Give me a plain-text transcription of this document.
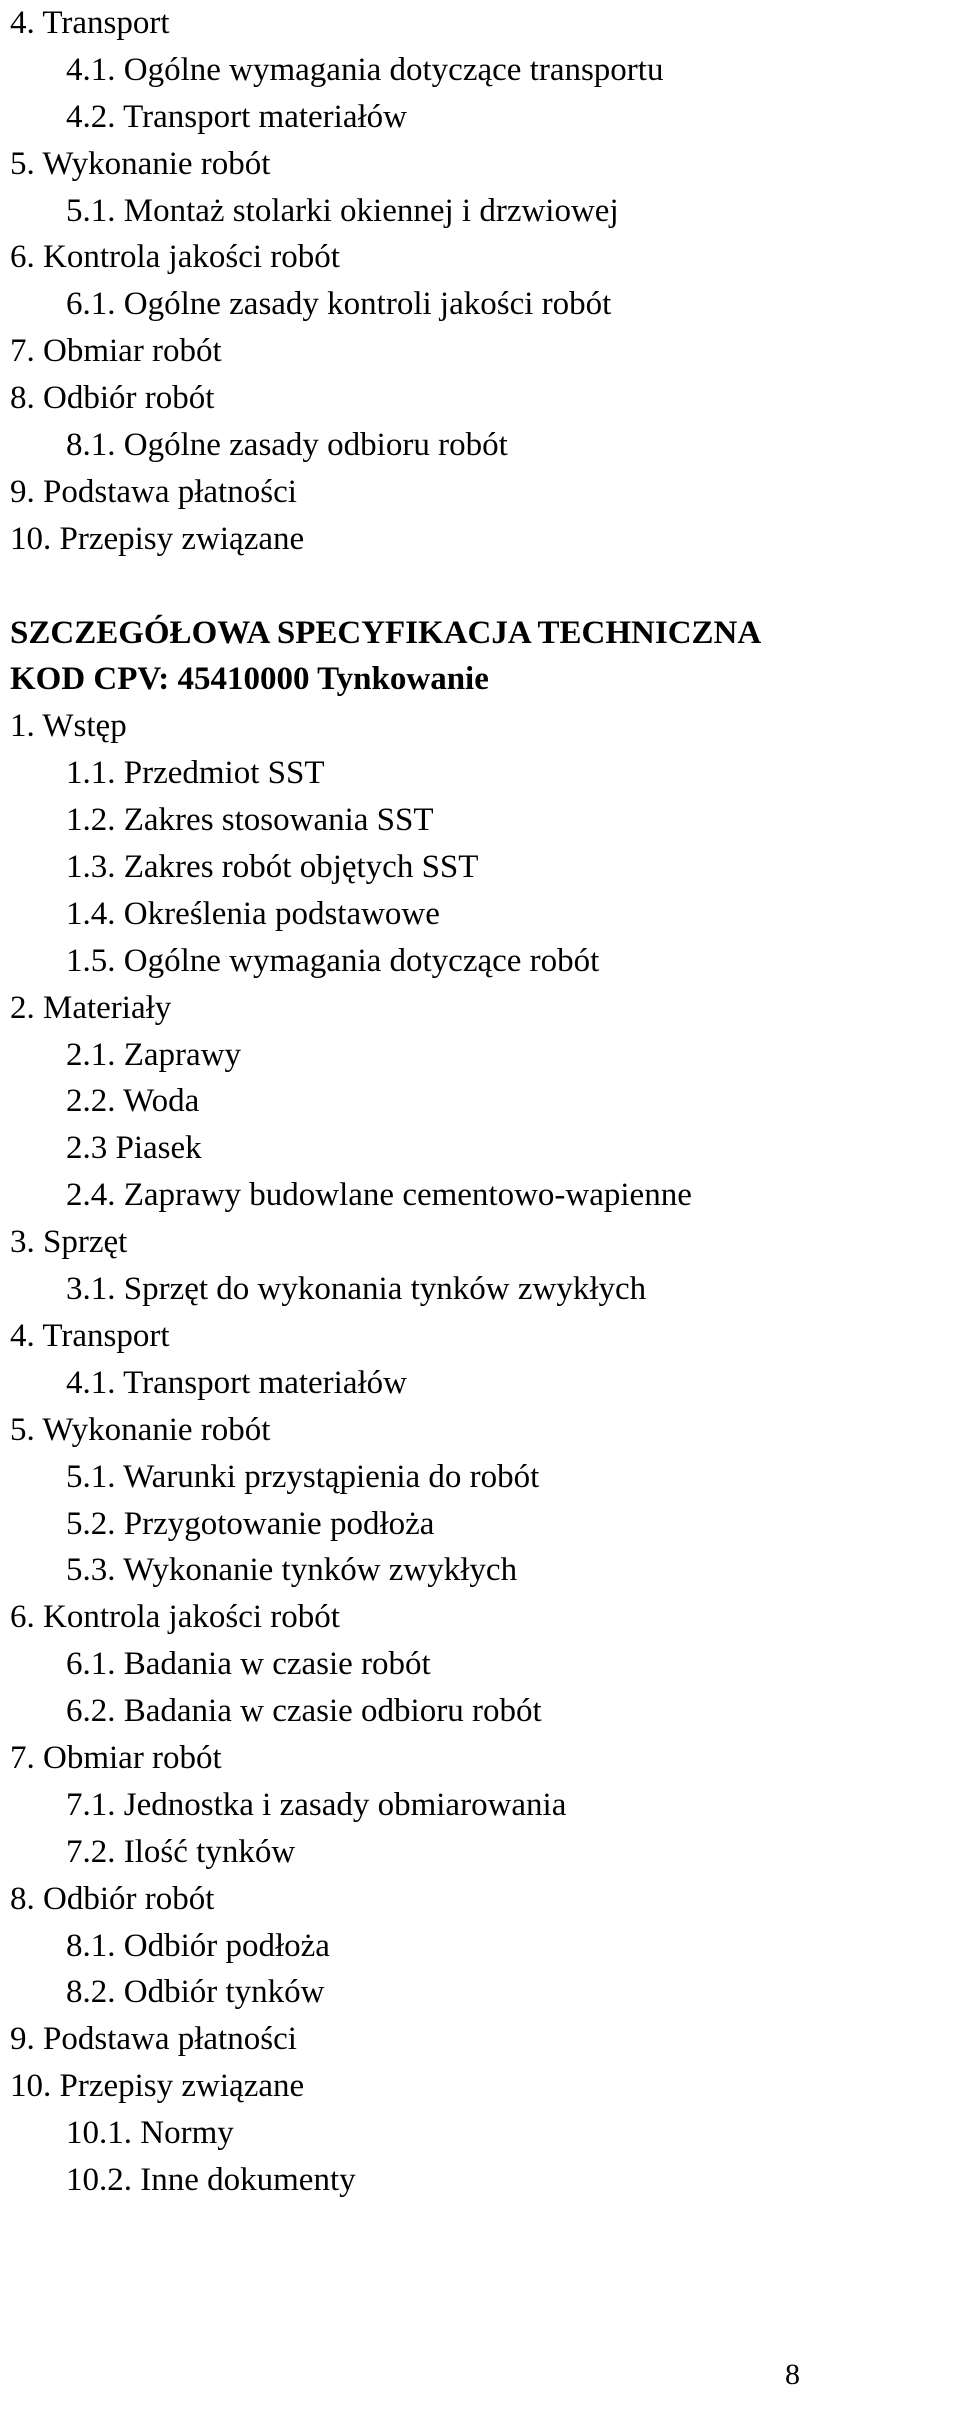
4. Transport
4.1. Ogólne wymagania dotyczące transportu
4.2. Transport materiałów
5. Wykonanie robót
5.1. Montaż stolarki okiennej i drzwiowej
6. Kontrola jakości robót
6.1. Ogólne zasady kontroli jakości robót
7. Obmiar robót
8. Odbiór robót
8.1. Ogólne zasady odbioru robót
9. Podstawa płatności
10. Przepisy związane
SZCZEGÓŁOWA SPECYFIKACJA TECHNICZNA
KOD CPV: 45410000 Tynkowanie
1. Wstęp
1.1. Przedmiot SST
1.2. Zakres stosowania SST
1.3. Zakres robót objętych SST
1.4. Określenia podstawowe
1.5. Ogólne wymagania dotyczące robót
2. Materiały
2.1. Zaprawy
2.2. Woda
2.3 Piasek
2.4. Zaprawy budowlane cementowo-wapienne
3. Sprzęt
3.1. Sprzęt do wykonania tynków zwykłych
4. Transport
4.1. Transport materiałów
5. Wykonanie robót
5.1. Warunki przystąpienia do robót
5.2. Przygotowanie podłoża
5.3. Wykonanie tynków zwykłych
6. Kontrola jakości robót
6.1. Badania w czasie robót
6.2. Badania w czasie odbioru robót
7. Obmiar robót
7.1. Jednostka i zasady obmiarowania
7.2. Ilość tynków
8. Odbiór robót
8.1. Odbiór podłoża
8.2. Odbiór tynków
9. Podstawa płatności
10. Przepisy związane
10.1. Normy
10.2. Inne dokumenty
8
